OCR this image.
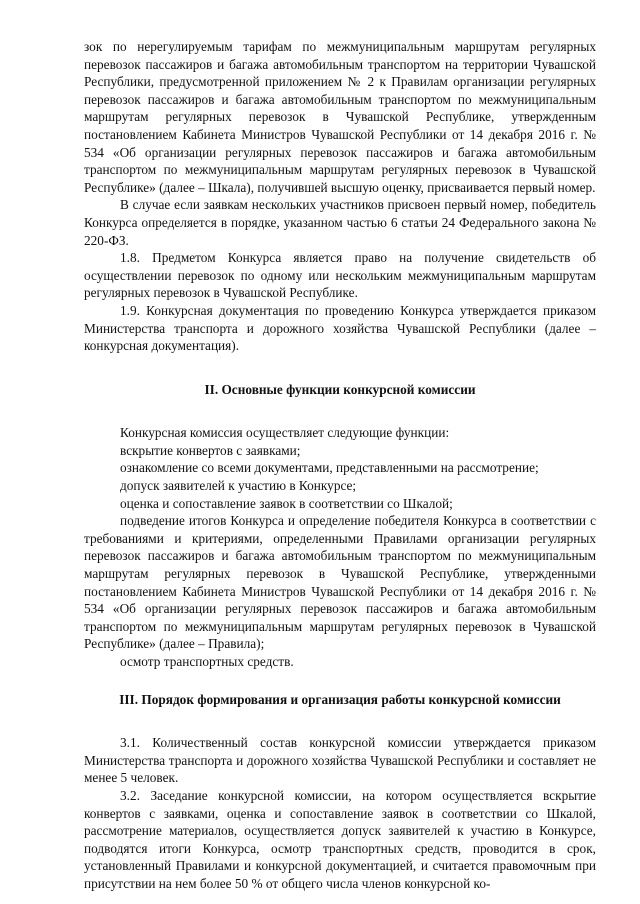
зок по нерегулируемым тарифам по межмуниципальным маршрутам регулярных перевозок пассажиров и багажа автомобильным транспортом на территории Чувашской Республики, предусмотренной приложением № 2 к Правилам организации регулярных перевозок пассажиров и багажа автомобильным транспортом по межмуниципальным маршрутам регулярных перевозок в Чувашской Республике, утвержденным постановлением Кабинета Министров Чувашской Республики от 14 декабря 2016 г. № 534 «Об организации регулярных перевозок пассажиров и багажа автомобильным транспортом по межмуниципальным маршрутам регулярных перевозок в Чувашской Республике» (далее – Шкала), получившей высшую оценку, присваивается первый номер.

В случае если заявкам нескольких участников присвоен первый номер, победитель Конкурса определяется в порядке, указанном частью 6 статьи 24 Федерального закона № 220-ФЗ.

1.8. Предметом Конкурса является право на получение свидетельств об осуществлении перевозок по одному или нескольким межмуниципальным маршрутам регулярных перевозок в Чувашской Республике.

1.9. Конкурсная документация по проведению Конкурса утверждается приказом Министерства транспорта и дорожного хозяйства Чувашской Республики (далее – конкурсная документация).

II. Основные функции конкурсной комиссии

Конкурсная комиссия осуществляет следующие функции:

вскрытие конвертов с заявками;

ознакомление со всеми документами, представленными на рассмотрение;

допуск заявителей к участию в Конкурсе;

оценка и сопоставление заявок в соответствии со Шкалой;

подведение итогов Конкурса и определение победителя Конкурса в соответствии с требованиями и критериями, определенными Правилами организации регулярных перевозок пассажиров и багажа автомобильным транспортом по межмуниципальным маршрутам регулярных перевозок в Чувашской Республике, утвержденными постановлением Кабинета Министров Чувашской Республики от 14 декабря 2016 г. № 534 «Об организации регулярных перевозок пассажиров и багажа автомобильным транспортом по межмуниципальным маршрутам регулярных перевозок в Чувашской Республике» (далее – Правила);

осмотр транспортных средств.

III. Порядок формирования и организация работы конкурсной комиссии

3.1. Количественный состав конкурсной комиссии утверждается приказом Министерства транспорта и дорожного хозяйства Чувашской Республики и составляет не менее 5 человек.

3.2. Заседание конкурсной комиссии, на котором осуществляется вскрытие конвертов с заявками, оценка и сопоставление заявок в соответствии со Шкалой, рассмотрение материалов, осуществляется допуск заявителей к участию в Конкурсе, подводятся итоги Конкурса, осмотр транспортных средств, проводится в срок, установленный Правилами и конкурсной документацией, и считается правомочным при присутствии на нем более 50 % от общего числа членов конкурсной ко-
